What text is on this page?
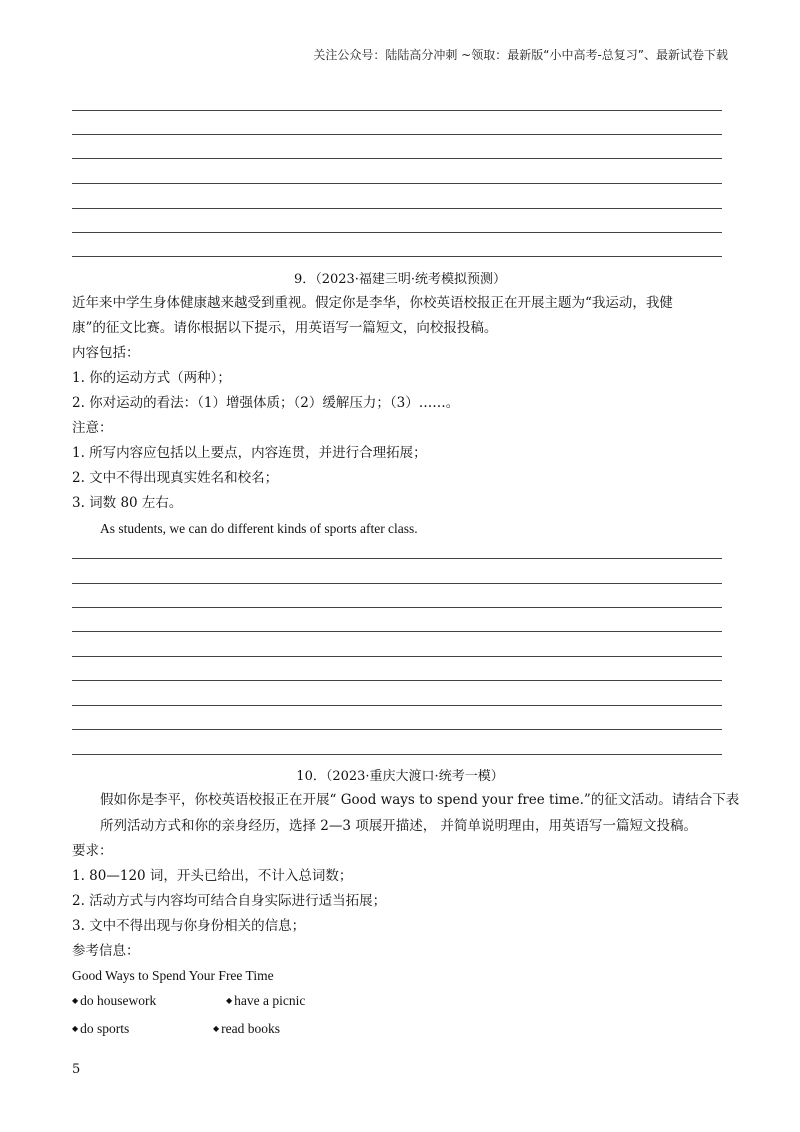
关注公众号：陆陆高分冲刺 ~领取：最新版“小中高考-总复习”、最新试卷下载
9．（2023·福建三明·统考模拟预测）
近年来中学生身体健康越来越受到重视。假定你是李华，你校英语校报正在开展主题为“我运动，我健
康”的征文比赛。请你根据以下提示，用英语写一篇短文，向校报投稿。
内容包括：
1. 你的运动方式（两种）；
2. 你对运动的看法：（1）增强体质；（2）缓解压力；（3）……。
注意：
1. 所写内容应包括以上要点，内容连贯，并进行合理拓展；
2. 文中不得出现真实姓名和校名；
3. 词数 80 左右。
As students, we can do different kinds of sports after class.
10．（2023·重庆大渡口·统考一模）
假如你是李平，你校英语校报正在开展“ Good ways to spend your free time.”的征文活动。请结合下表
所列活动方式和你的亲身经历，选择 2—3 项展开描述， 并简单说明理由，用英语写一篇短文投稿。
要求：
1. 80—120 词，开头已给出，不计入总词数；
2. 活动方式与内容均可结合自身实际进行适当拓展；
3. 文中不得出现与你身份相关的信息；
参考信息：
Good Ways to Spend Your Free Time
◆ do housework	◆ have a picnic
◆ do sports	◆ read books
5
